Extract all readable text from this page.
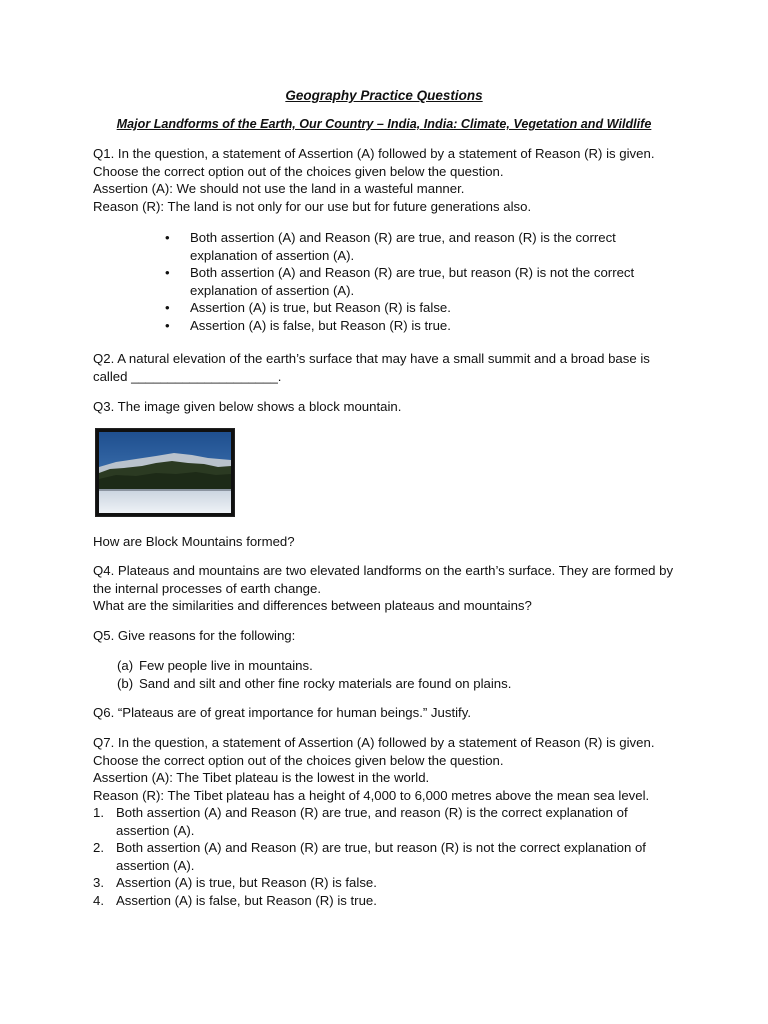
Geography Practice Questions
Major Landforms of the Earth, Our Country – India, India: Climate, Vegetation and Wildlife

Q1. In the question, a statement of Assertion (A) followed by a statement of Reason (R) is given. Choose the correct option out of the choices given below the question.

Assertion (A): We should not use the land in a wasteful manner.

Reason (R): The land is not only for our use but for future generations also.

• Both assertion (A) and Reason (R) are true, and reason (R) is the correct explanation of assertion (A).
• Both assertion (A) and Reason (R) are true, but reason (R) is not the correct explanation of assertion (A).
• Assertion (A) is true, but Reason (R) is false.
• Assertion (A) is false, but Reason (R) is true.

Q2. A natural elevation of the earth’s surface that may have a small summit and a broad base is called ____________________.

Q3. The image given below shows a block mountain.

How are Block Mountains formed?

Q4. Plateaus and mountains are two elevated landforms on the earth’s surface. They are formed by the internal processes of earth change.

What are the similarities and differences between plateaus and mountains?

Q5. Give reasons for the following:

(a) Few people live in mountains.
(b) Sand and silt and other fine rocky materials are found on plains.

Q6. “Plateaus are of great importance for human beings.” Justify.

Q7. In the question, a statement of Assertion (A) followed by a statement of Reason (R) is given. Choose the correct option out of the choices given below the question.

Assertion (A): The Tibet plateau is the lowest in the world.

Reason (R): The Tibet plateau has a height of 4,000 to 6,000 metres above the mean sea level.

1. Both assertion (A) and Reason (R) are true, and reason (R) is the correct explanation of assertion (A).
2. Both assertion (A) and Reason (R) are true, but reason (R) is not the correct explanation of assertion (A).
3. Assertion (A) is true, but Reason (R) is false.
4. Assertion (A) is false, but Reason (R) is true.
